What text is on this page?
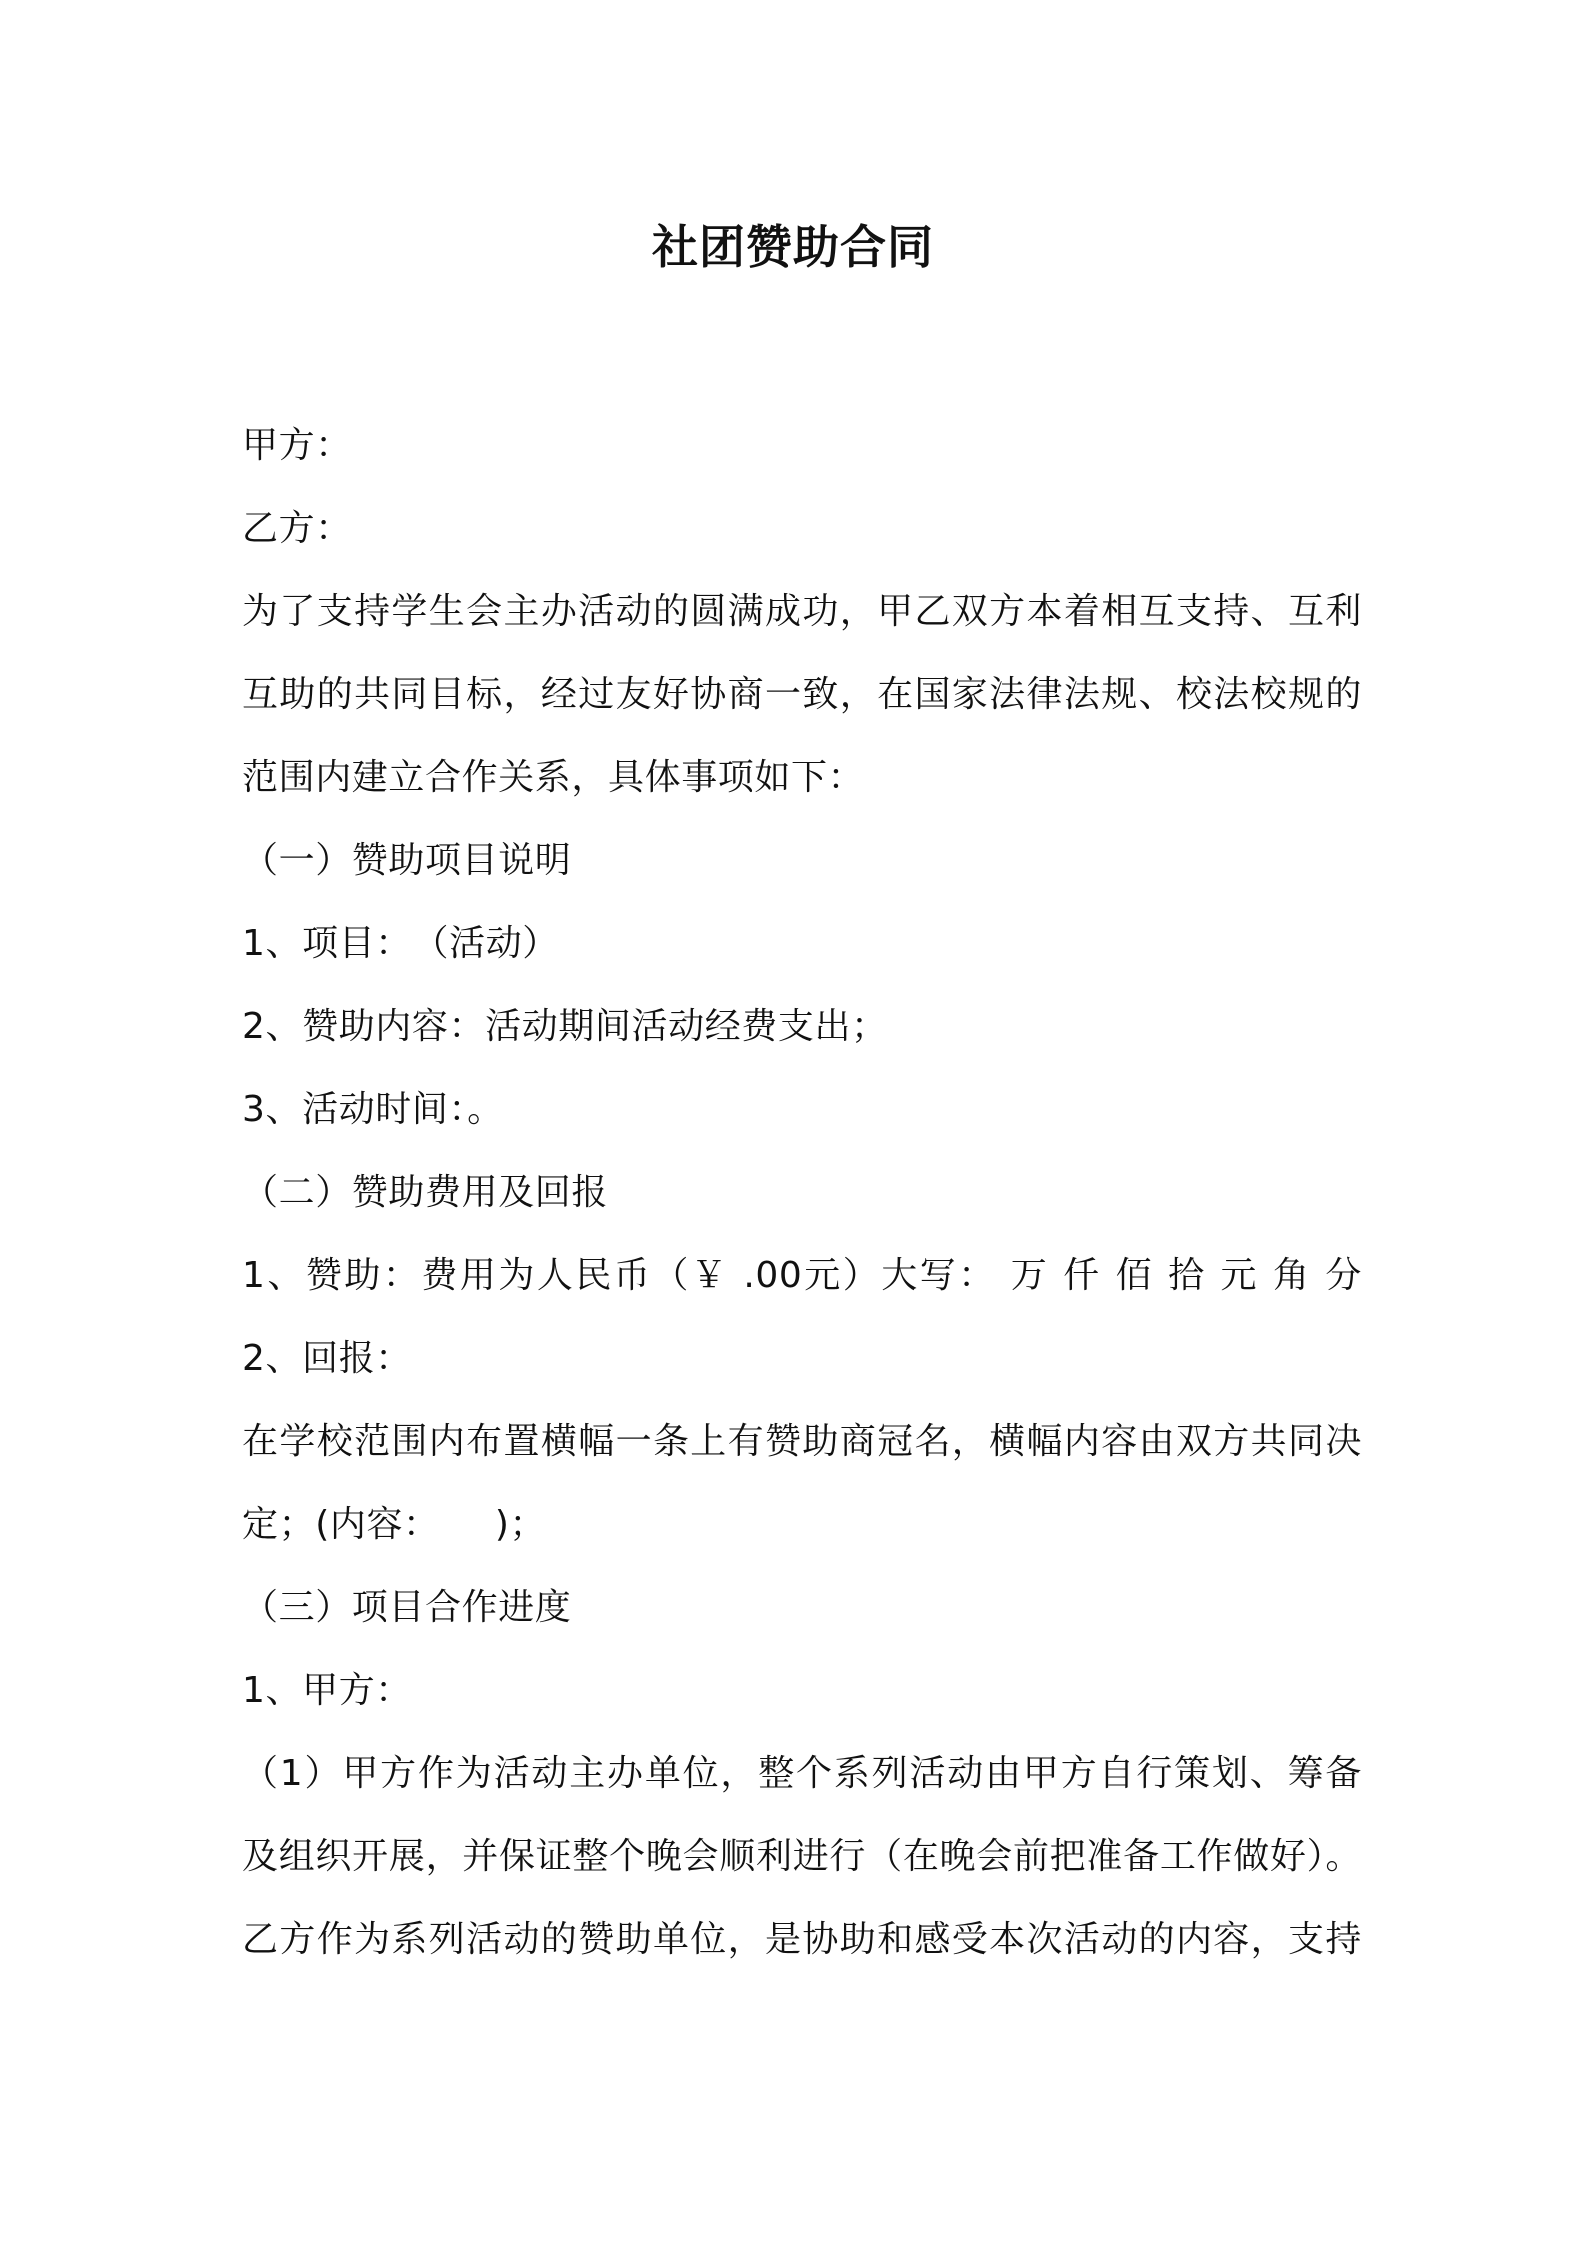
社团赞助合同
甲方：
乙方：
为了支持学生会主办活动的圆满成功，甲乙双方本着相互支持、互利
互助的共同目标，经过友好协商一致，在国家法律法规、校法校规的
范围内建立合作关系，具体事项如下：
（一）赞助项目说明
1、项目：　（活动）
2、赞助内容：活动期间活动经费支出；
3、活动时间：。
（二）赞助费用及回报
1、赞助：费用为人民币（￥ .00元）大写： 万 仟 佰 拾 元 角 分
2、回报：
在学校范围内布置横幅一条上有赞助商冠名，横幅内容由双方共同决
定；(内容：　　)；
（三）项目合作进度
1、甲方：
（1）甲方作为活动主办单位，整个系列活动由甲方自行策划、筹备
及组织开展，并保证整个晚会顺利进行（在晚会前把准备工作做好）。
乙方作为系列活动的赞助单位，是协助和感受本次活动的内容，支持
